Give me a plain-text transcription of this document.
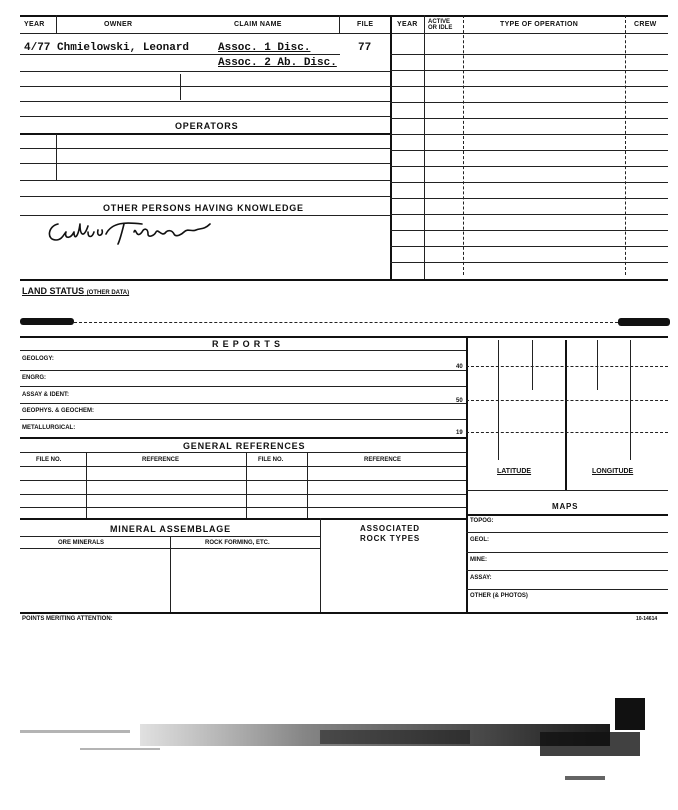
YEAR	OWNER	CLAIM NAME	FILE	YEAR ACTIVE OR IDLE	TYPE OF OPERATION	CREW
4/77 Chmielowski, Leonard	Assoc. 1 Disc.	77
Assoc. 2 Ab. Disc.
OPERATORS
OTHER PERSONS HAVING KNOWLEDGE
LAND STATUS (OTHER DATA)
R E P O R T S
GEOLOGY:
40
ENGRG:
ASSAY & IDENT:
50
GEOPHYS. & GEOCHEM:
METALLURGICAL:
19
LATITUDE	LONGITUDE
MAPS
TOPOG:
GEOL:
MINE:
ASSAY:
OTHER (& PHOTOS)
GENERAL REFERENCES
FILE NO.	REFERENCE	FILE NO.	REFERENCE
MINERAL ASSEMBLAGE
ORE MINERALS	ROCK FORMING, ETC.
ASSOCIATED
ROCK TYPES
POINTS MERITING ATTENTION:	10-14614
